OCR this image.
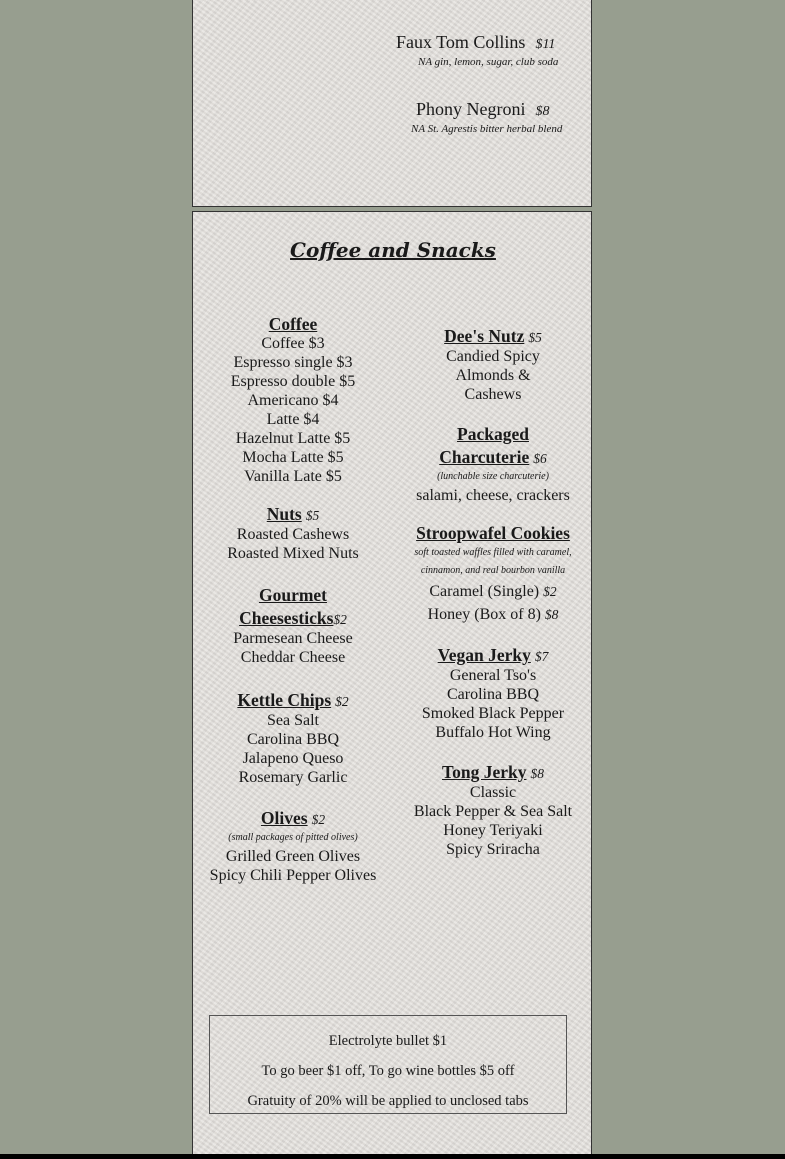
Faux Tom Collins $11
NA gin, lemon, sugar, club soda
Phony Negroni $8
NA St. Agrestis bitter herbal blend
Coffee and Snacks
Coffee
Coffee $3
Espresso single $3
Espresso double $5
Americano $4
Latte $4
Hazelnut Latte $5
Mocha Latte $5
Vanilla Late $5
Nuts $5
Roasted Cashews
Roasted Mixed Nuts
Gourmet
Cheesesticks$2
Parmesean Cheese
Cheddar Cheese
Kettle Chips $2
Sea Salt
Carolina BBQ
Jalapeno Queso
Rosemary Garlic
Olives $2
(small packages of pitted olives)
Grilled Green Olives
Spicy Chili Pepper Olives
Dee's Nutz $5
Candied Spicy
Almonds &
Cashews
Packaged
Charcuterie $6
(lunchable size charcuterie)
salami, cheese, crackers
Stroopwafel Cookies
soft toasted waffles filled with caramel,
cinnamon, and real bourbon vanilla
Caramel (Single) $2
Honey (Box of 8) $8
Vegan Jerky $7
General Tso's
Carolina BBQ
Smoked Black Pepper
Buffalo Hot Wing
Tong Jerky $8
Classic
Black Pepper & Sea Salt
Honey Teriyaki
Spicy Sriracha
Electrolyte bullet $1
To go beer $1 off, To go wine bottles $5 off
Gratuity of 20% will be applied to unclosed tabs
